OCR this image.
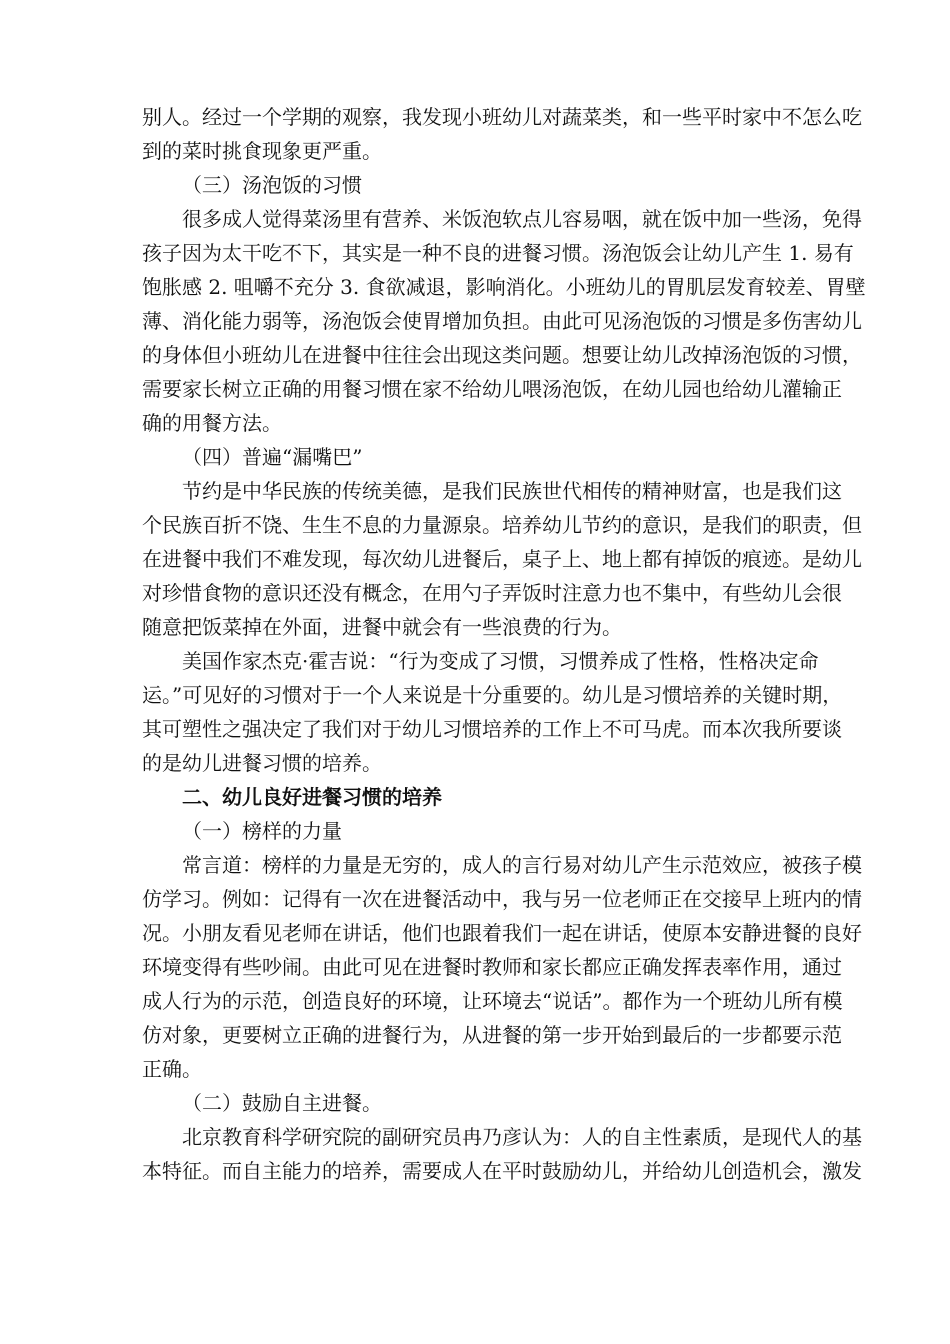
别人。经过一个学期的观察，我发现小班幼儿对蔬菜类，和一些平时家中不怎么吃
到的菜时挑食现象更严重。
（三）汤泡饭的习惯
很多成人觉得菜汤里有营养、米饭泡软点儿容易咽，就在饭中加一些汤，免得
孩子因为太干吃不下，其实是一种不良的进餐习惯。汤泡饭会让幼儿产生 1. 易有
饱胀感 2. 咀嚼不充分 3. 食欲减退，影响消化。小班幼儿的胃肌层发育较差、胃壁
薄、消化能力弱等，汤泡饭会使胃增加负担。由此可见汤泡饭的习惯是多伤害幼儿
的身体但小班幼儿在进餐中往往会出现这类问题。想要让幼儿改掉汤泡饭的习惯，
需要家长树立正确的用餐习惯在家不给幼儿喂汤泡饭，在幼儿园也给幼儿灌输正
确的用餐方法。
（四）普遍“漏嘴巴”
节约是中华民族的传统美德，是我们民族世代相传的精神财富，也是我们这
个民族百折不饶、生生不息的力量源泉。培养幼儿节约的意识，是我们的职责，但
在进餐中我们不难发现，每次幼儿进餐后，桌子上、地上都有掉饭的痕迹。是幼儿
对珍惜食物的意识还没有概念，在用勺子弄饭时注意力也不集中，有些幼儿会很
随意把饭菜掉在外面，进餐中就会有一些浪费的行为。
美国作家杰克·霍吉说：“行为变成了习惯，习惯养成了性格，性格决定命
运。”可见好的习惯对于一个人来说是十分重要的。幼儿是习惯培养的关键时期，
其可塑性之强决定了我们对于幼儿习惯培养的工作上不可马虎。而本次我所要谈
的是幼儿进餐习惯的培养。
二、幼儿良好进餐习惯的培养
（一）榜样的力量
常言道：榜样的力量是无穷的，成人的言行易对幼儿产生示范效应，被孩子模
仿学习。例如：记得有一次在进餐活动中，我与另一位老师正在交接早上班内的情
况。小朋友看见老师在讲话，他们也跟着我们一起在讲话，使原本安静进餐的良好
环境变得有些吵闹。由此可见在进餐时教师和家长都应正确发挥表率作用，通过
成人行为的示范，创造良好的环境，让环境去“说话”。都作为一个班幼儿所有模
仿对象，更要树立正确的进餐行为，从进餐的第一步开始到最后的一步都要示范
正确。
（二）鼓励自主进餐。
北京教育科学研究院的副研究员冉乃彦认为：人的自主性素质，是现代人的基
本特征。而自主能力的培养，需要成人在平时鼓励幼儿，并给幼儿创造机会，激发
